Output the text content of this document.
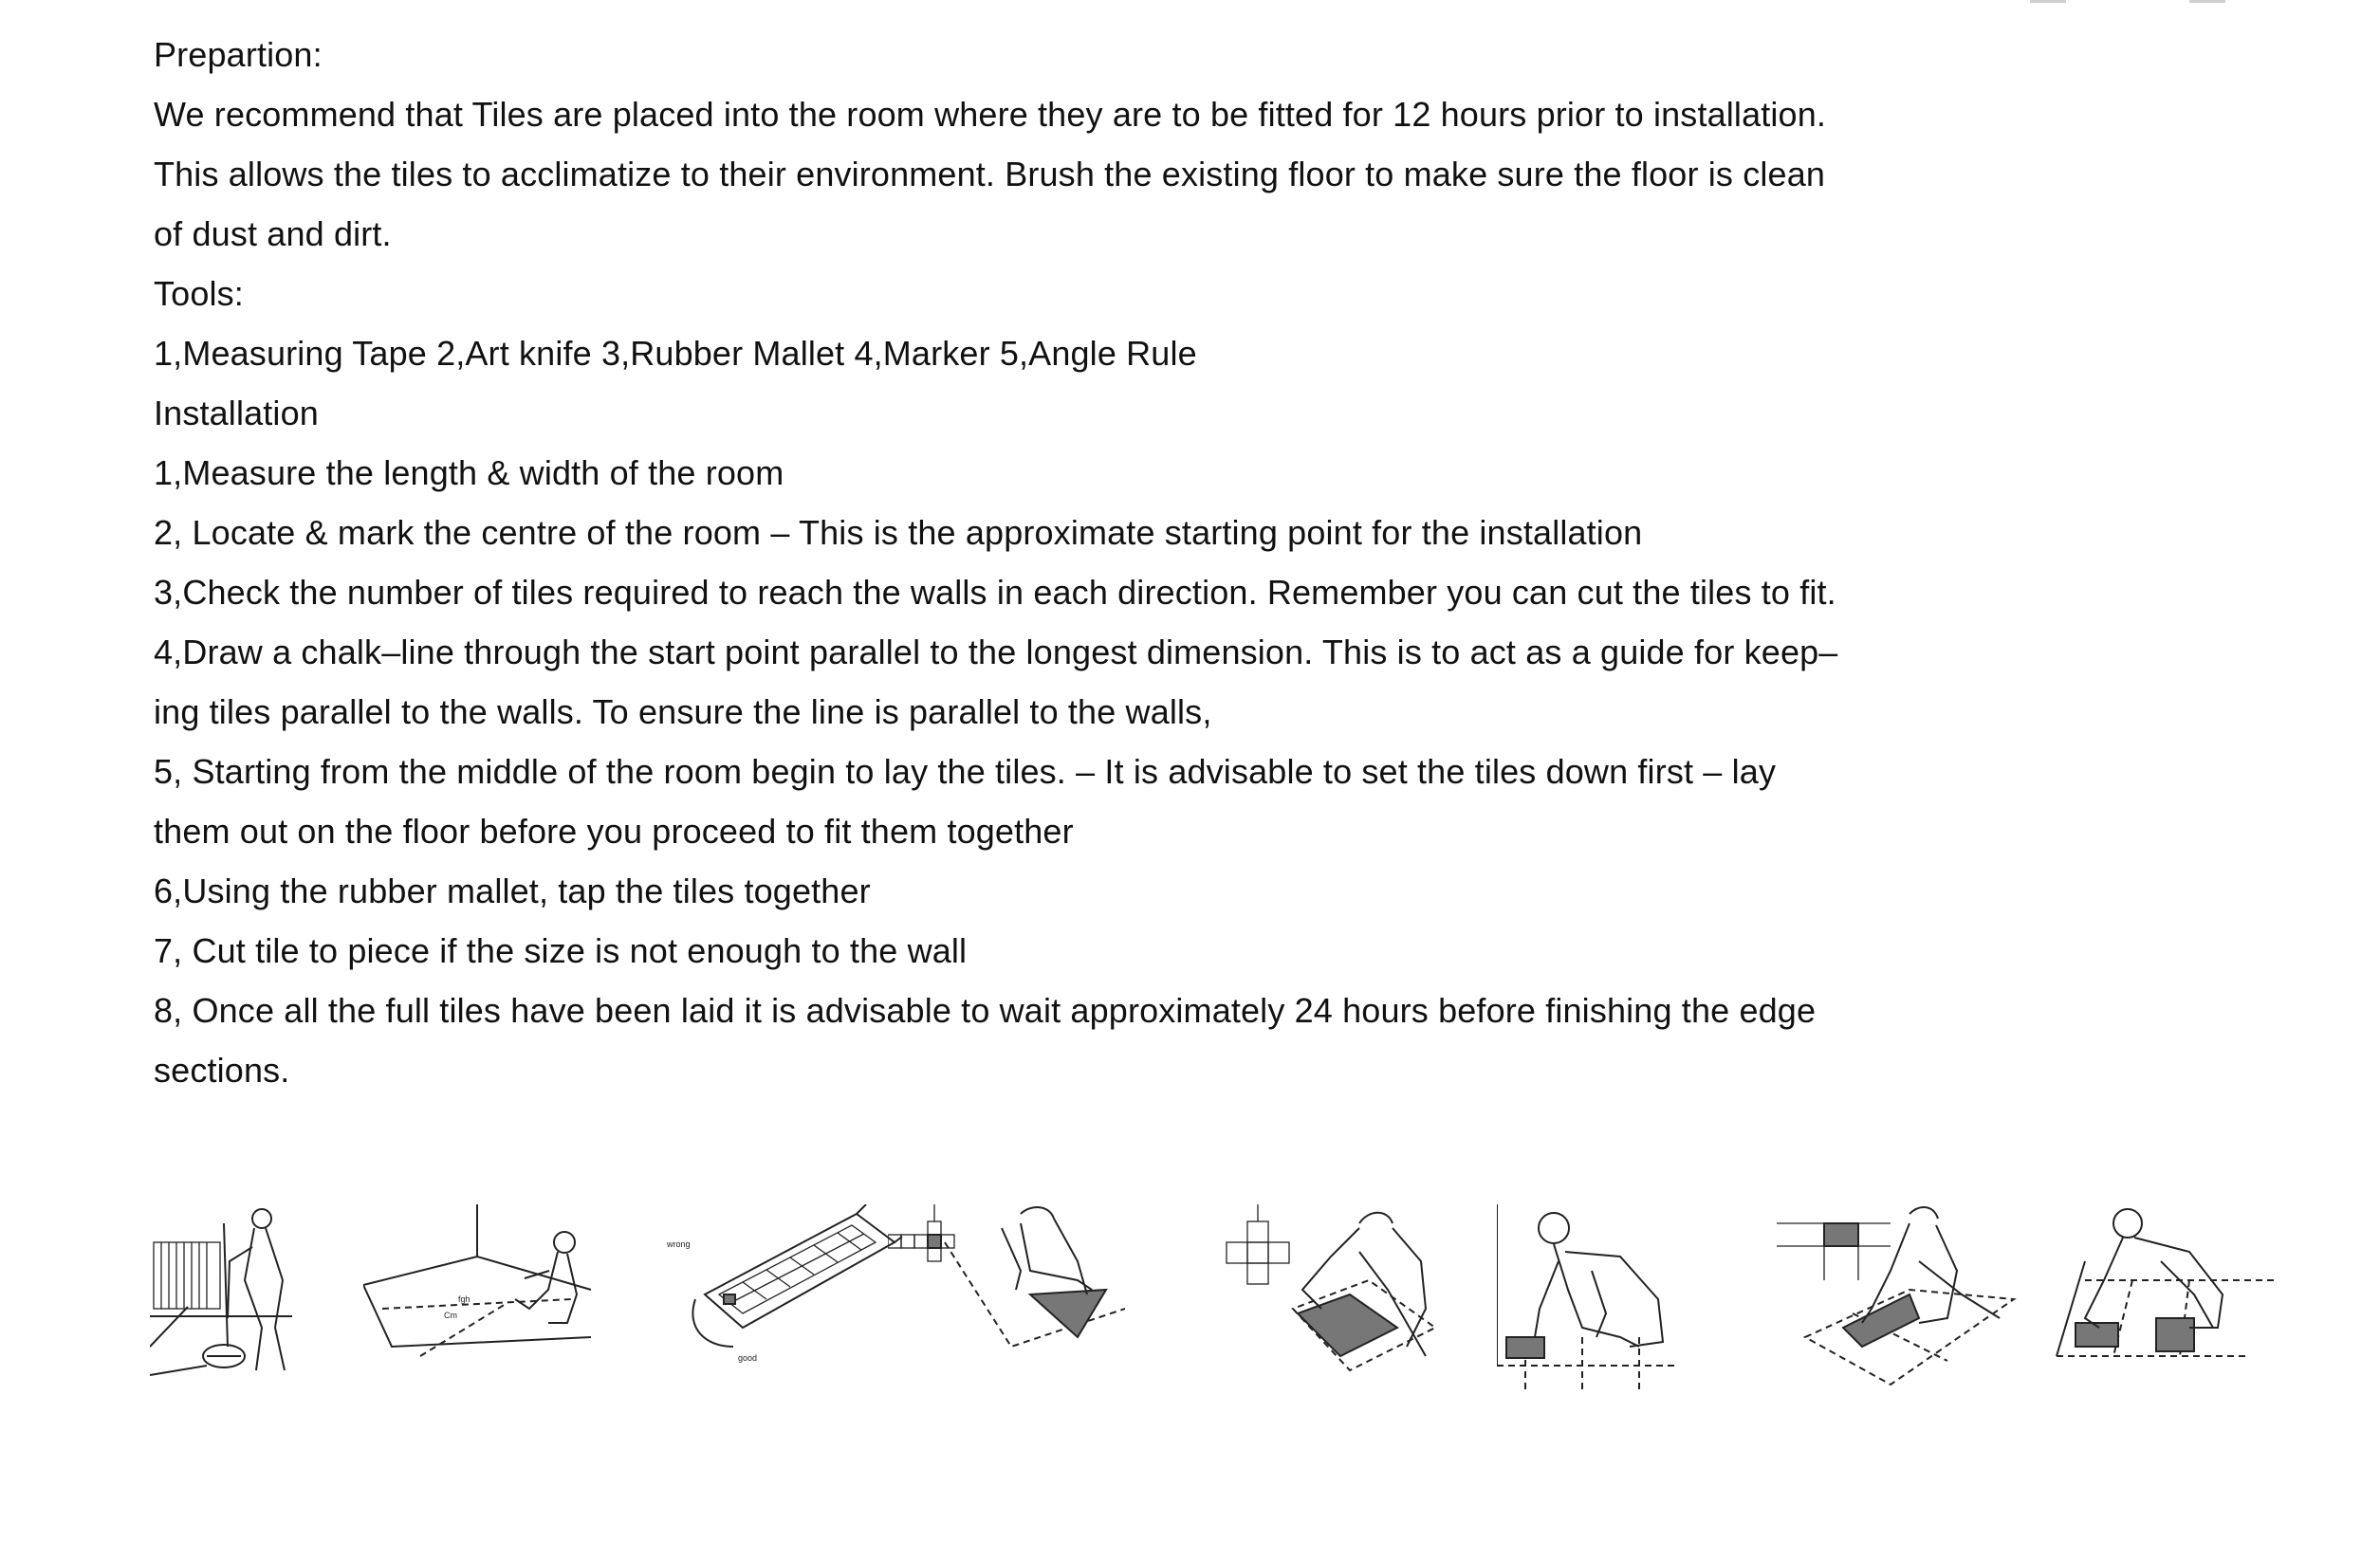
Prepartion:
We recommend that Tiles are placed into the room where they are to be fitted for 12 hours prior to installation.
This allows the tiles to acclimatize to their environment. Brush the existing floor to make sure the floor is clean
of dust and dirt.
Tools:
1,Measuring Tape 2,Art knife 3,Rubber Mallet 4,Marker 5,Angle Rule
Installation
1,Measure the length & width of the room
2, Locate & mark the centre of the room – This is the approximate starting point for the installation
3,Check the number of tiles required to reach the walls in each direction. Remember you can cut the tiles to fit.
4,Draw a chalk–line through the start point parallel to the longest dimension. This is to act as a guide for keep–
ing tiles parallel to the walls. To ensure the line is parallel to the walls,
5, Starting from the middle of the room begin to lay the tiles. – It is advisable to set the tiles down first – lay
them out on the floor before you proceed to fit them together
6,Using the rubber mallet, tap the tiles together
7, Cut tile to piece if the size is not enough to the wall
8, Once all the full tiles have been laid it is advisable to wait approximately 24 hours before finishing the edge
sections.
fgh
Cm
wrong
good
